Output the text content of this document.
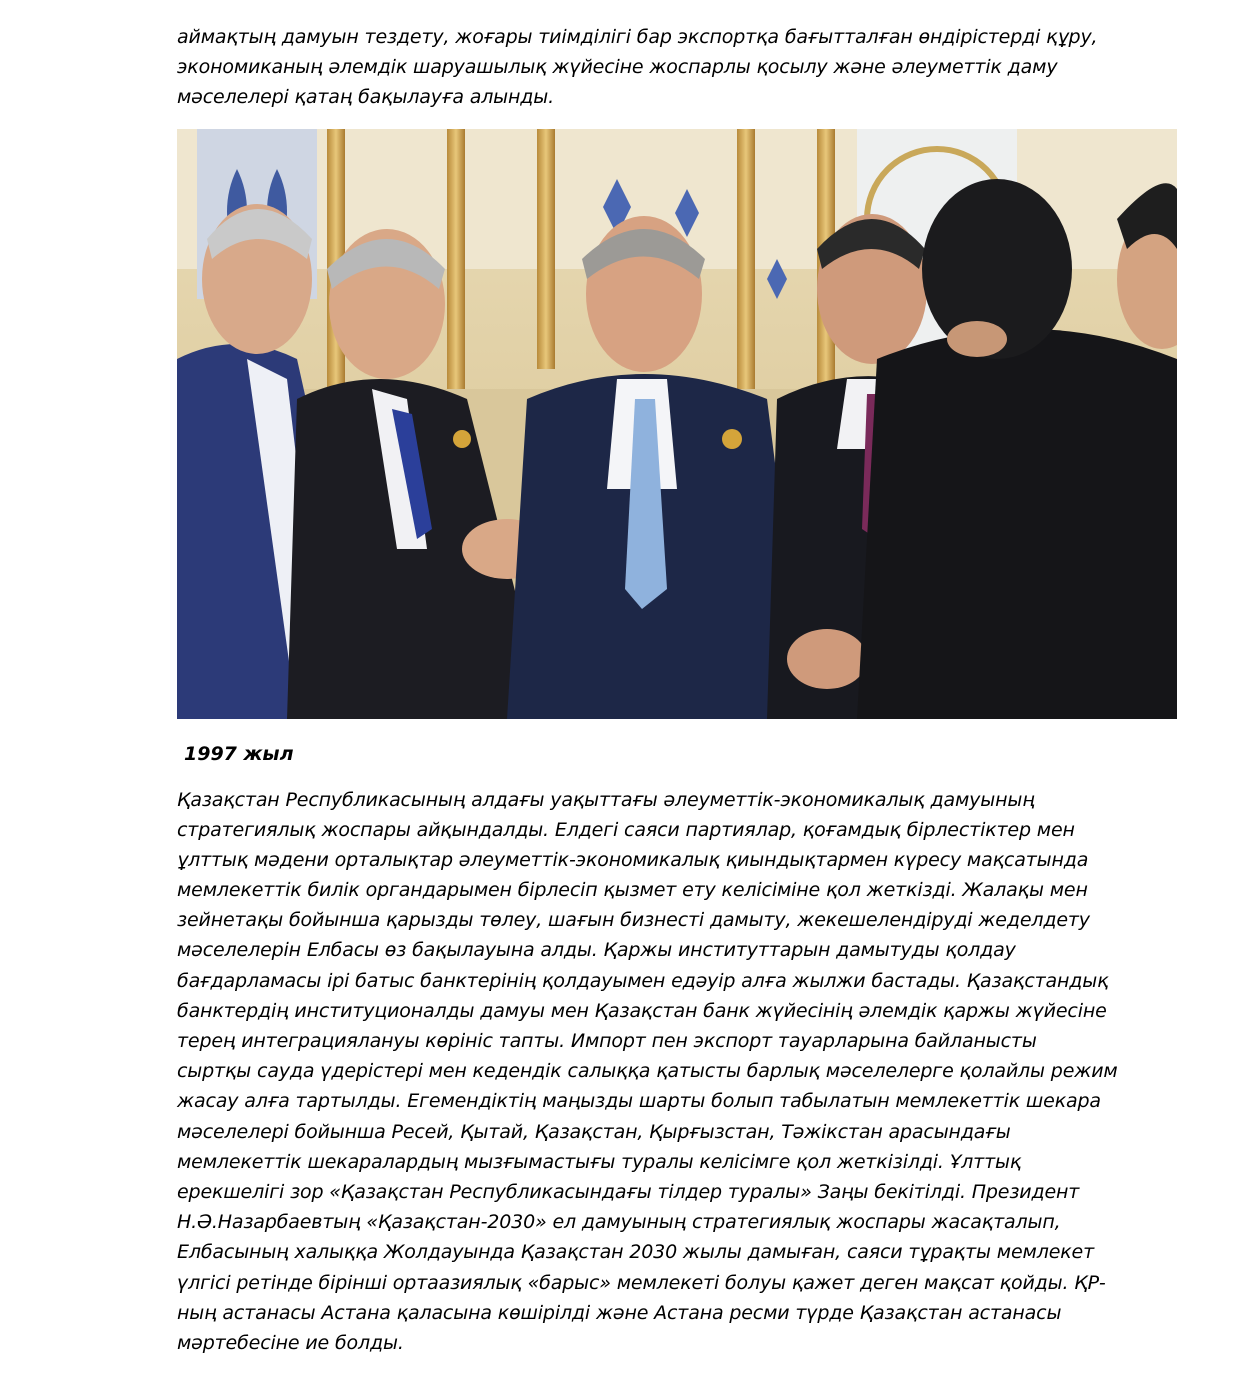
аймақтың дамуын тездету, жоғары тиімділігі бар экспортқа бағытталған өндірістерді құру,
экономиканың әлемдік шаруашылық жүйесіне жоспарлы қосылу және әлеуметтік даму
мәселелері қатаң бақылауға алынды.
1997 жыл
Қазақстан Республикасының алдағы уақыттағы әлеуметтік-экономикалық дамуының
стратегиялық жоспары айқындалды. Елдегі саяси партиялар, қоғамдық бірлестіктер мен
ұлттық мәдени орталықтар әлеуметтік-экономикалық қиындықтармен күресу мақсатында
мемлекеттік билік органдарымен бірлесіп қызмет ету келісіміне қол жеткізді. Жалақы мен
зейнетақы бойынша қарызды төлеу, шағын бизнесті дамыту, жекешелендіруді жеделдету
мәселелерін Елбасы өз бақылауына алды. Қаржы институттарын дамытуды қолдау
бағдарламасы ірі батыс банктерінің қолдауымен едәуір алға жылжи бастады. Қазақстандық
банктердің институционалды дамуы мен Қазақстан банк жүйесінің әлемдік қаржы жүйесіне
терең интеграциялануы көрініс тапты. Импорт пен экспорт тауарларына байланысты
сыртқы сауда үдерістері мен кедендік салыққа қатысты барлық мәселелерге қолайлы режим
жасау алға тартылды. Егемендіктің маңызды шарты болып табылатын мемлекеттік шекара
мәселелері бойынша Ресей, Қытай, Қазақстан, Қырғызстан, Тәжікстан арасындағы
мемлекеттік шекаралардың мызғымастығы туралы келісімге қол жеткізілді. Ұлттық
ерекшелігі зор «Қазақстан Республикасындағы тілдер туралы» Заңы бекітілді. Президент
Н.Ә.Назарбаевтың «Қазақстан-2030» ел дамуының стратегиялық жоспары жасақталып,
Елбасының халыққа Жолдауында Қазақстан 2030 жылы дамыған, саяси тұрақты мемлекет
үлгісі ретінде бірінші ортаазиялық «барыс» мемлекеті болуы қажет деген мақсат қойды. ҚР-
ның астанасы Астана қаласына көшірілді және Астана ресми түрде Қазақстан астанасы
мәртебесіне ие болды.
